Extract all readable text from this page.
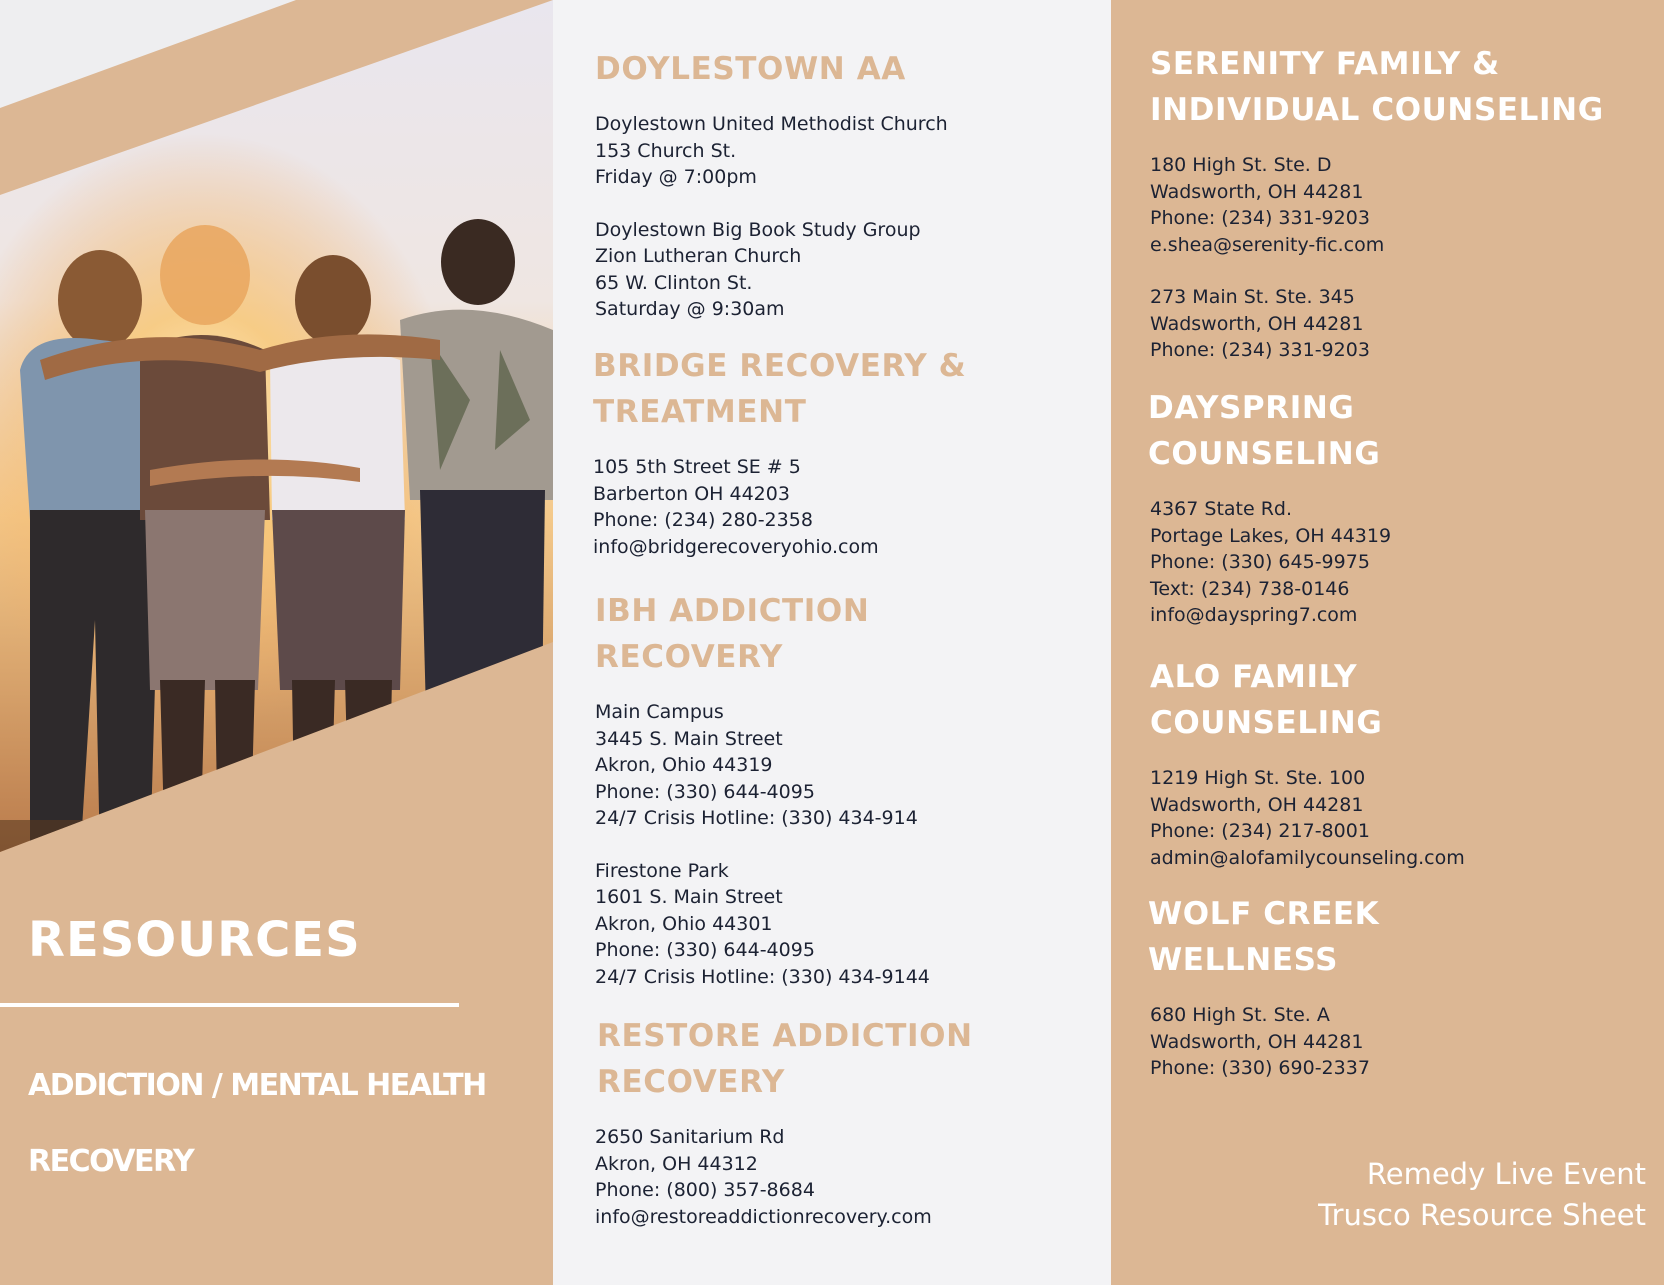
RESOURCES

ADDICTION / MENTAL HEALTH RECOVERY

DOYLESTOWN AA
Doylestown United Methodist Church
153 Church St.
Friday @ 7:00pm
Doylestown Big Book Study Group
Zion Lutheran Church
65 W. Clinton St.
Saturday @ 9:30am
BRIDGE RECOVERY & TREATMENT
105 5th Street SE # 5
Barberton OH 44203
Phone: (234) 280-2358
info@bridgerecoveryohio.com
IBH ADDICTION RECOVERY
Main Campus
3445 S. Main Street
Akron, Ohio 44319
Phone: (330) 644-4095
24/7 Crisis Hotline: (330) 434-914
Firestone Park
1601 S. Main Street
Akron, Ohio 44301
Phone: (330) 644-4095
24/7 Crisis Hotline: (330) 434-9144
RESTORE ADDICTION RECOVERY
2650 Sanitarium Rd
Akron, OH 44312
Phone: (800) 357-8684
info@restoreaddictionrecovery.com
SERENITY FAMILY & INDIVIDUAL COUNSELING
180 High St. Ste. D
Wadsworth, OH 44281
Phone: (234) 331-9203
e.shea@serenity-fic.com
273 Main St. Ste. 345
Wadsworth, OH 44281
Phone: (234) 331-9203
DAYSPRING COUNSELING
4367 State Rd.
Portage Lakes, OH 44319
Phone: (330) 645-9975
Text: (234) 738-0146
info@dayspring7.com
ALO FAMILY COUNSELING
1219 High St. Ste. 100
Wadsworth, OH 44281
Phone: (234) 217-8001
admin@alofamilycounseling.com
WOLF CREEK WELLNESS
680 High St. Ste. A
Wadsworth, OH 44281
Phone: (330) 690-2337
Remedy Live Event
Trusco Resource Sheet
